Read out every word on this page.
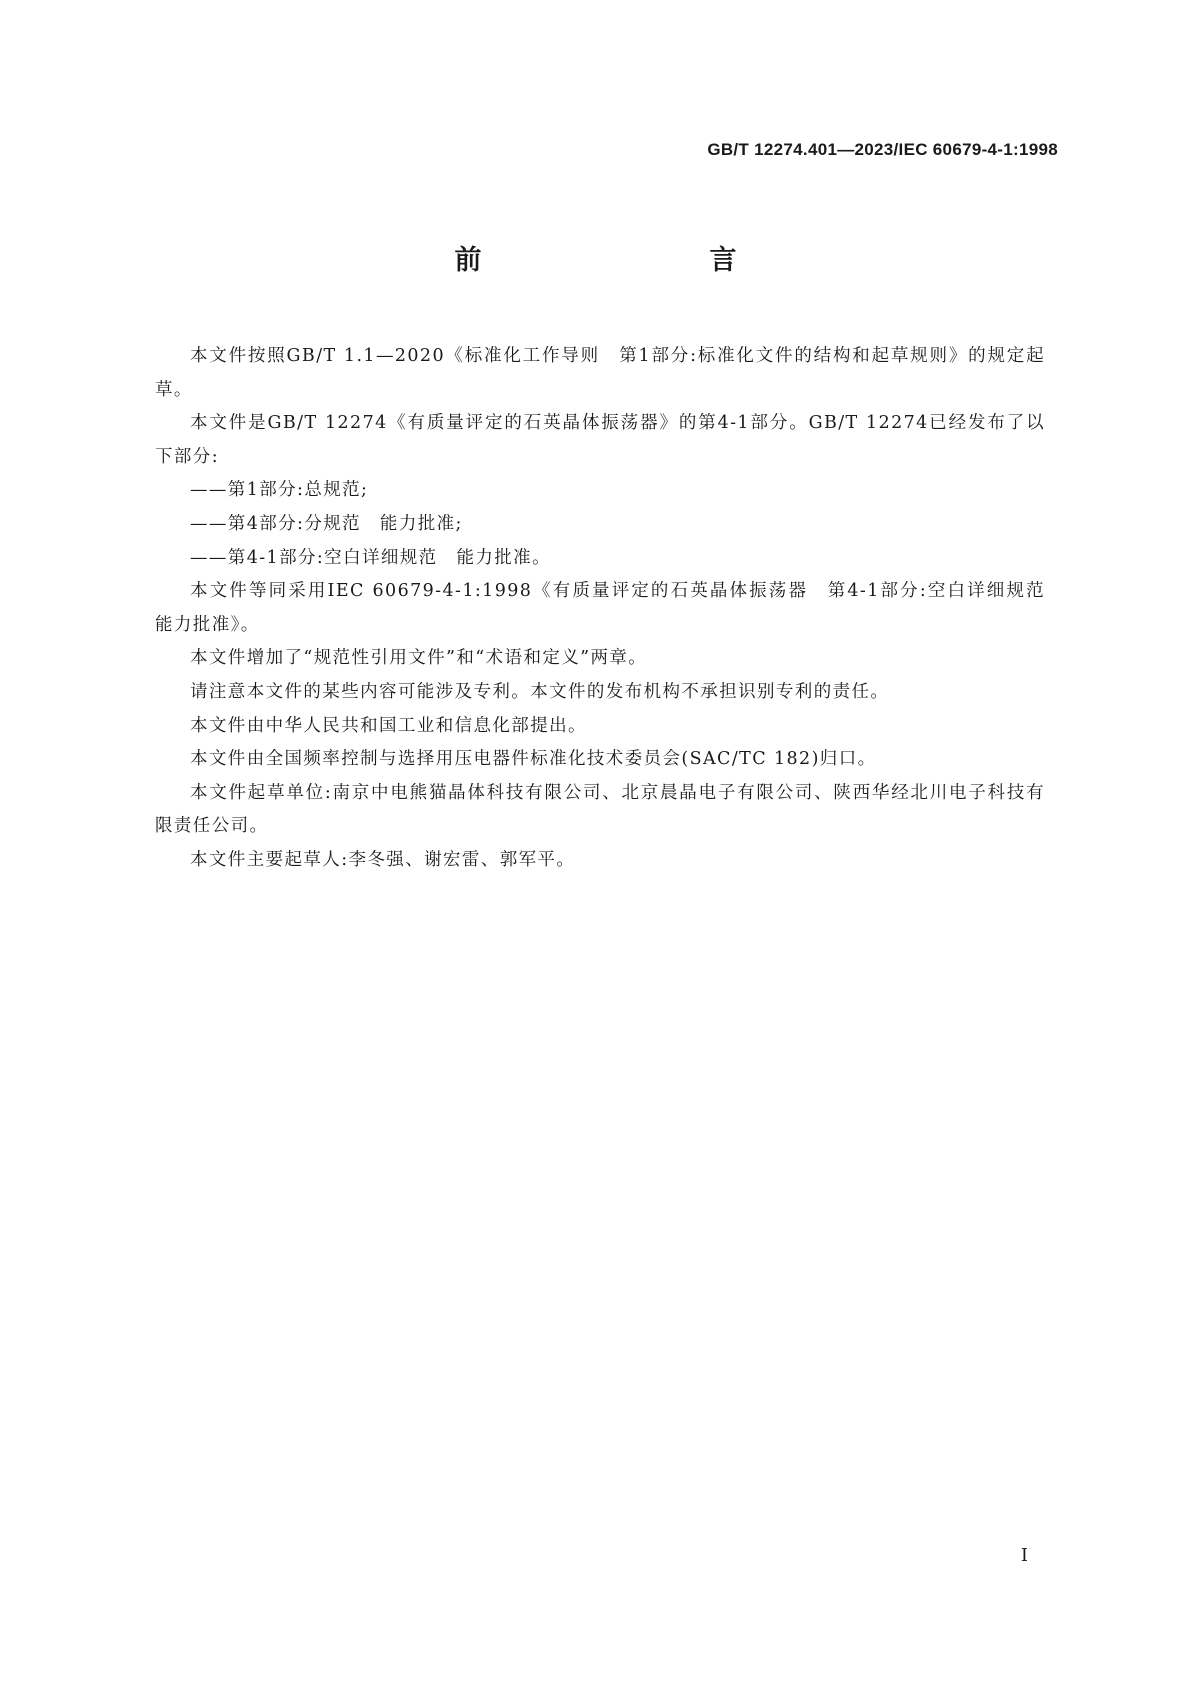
GB/T 12274.401—2023/IEC 60679-4-1:1998
前　　言

本文件按照GB/T 1.1—2020《标准化工作导则　第1部分:标准化文件的结构和起草规则》的规定起草。

本文件是GB/T 12274《有质量评定的石英晶体振荡器》的第4-1部分。GB/T 12274已经发布了以下部分:

——第1部分:总规范;

——第4部分:分规范　能力批准;

——第4-1部分:空白详细规范　能力批准。

本文件等同采用IEC 60679-4-1:1998《有质量评定的石英晶体振荡器　第4-1部分:空白详细规范　能力批准》。

本文件增加了“规范性引用文件”和“术语和定义”两章。

请注意本文件的某些内容可能涉及专利。本文件的发布机构不承担识别专利的责任。

本文件由中华人民共和国工业和信息化部提出。

本文件由全国频率控制与选择用压电器件标准化技术委员会(SAC/TC 182)归口。

本文件起草单位:南京中电熊猫晶体科技有限公司、北京晨晶电子有限公司、陕西华经北川电子科技有限责任公司。

本文件主要起草人:李冬强、谢宏雷、郭军平。

I
